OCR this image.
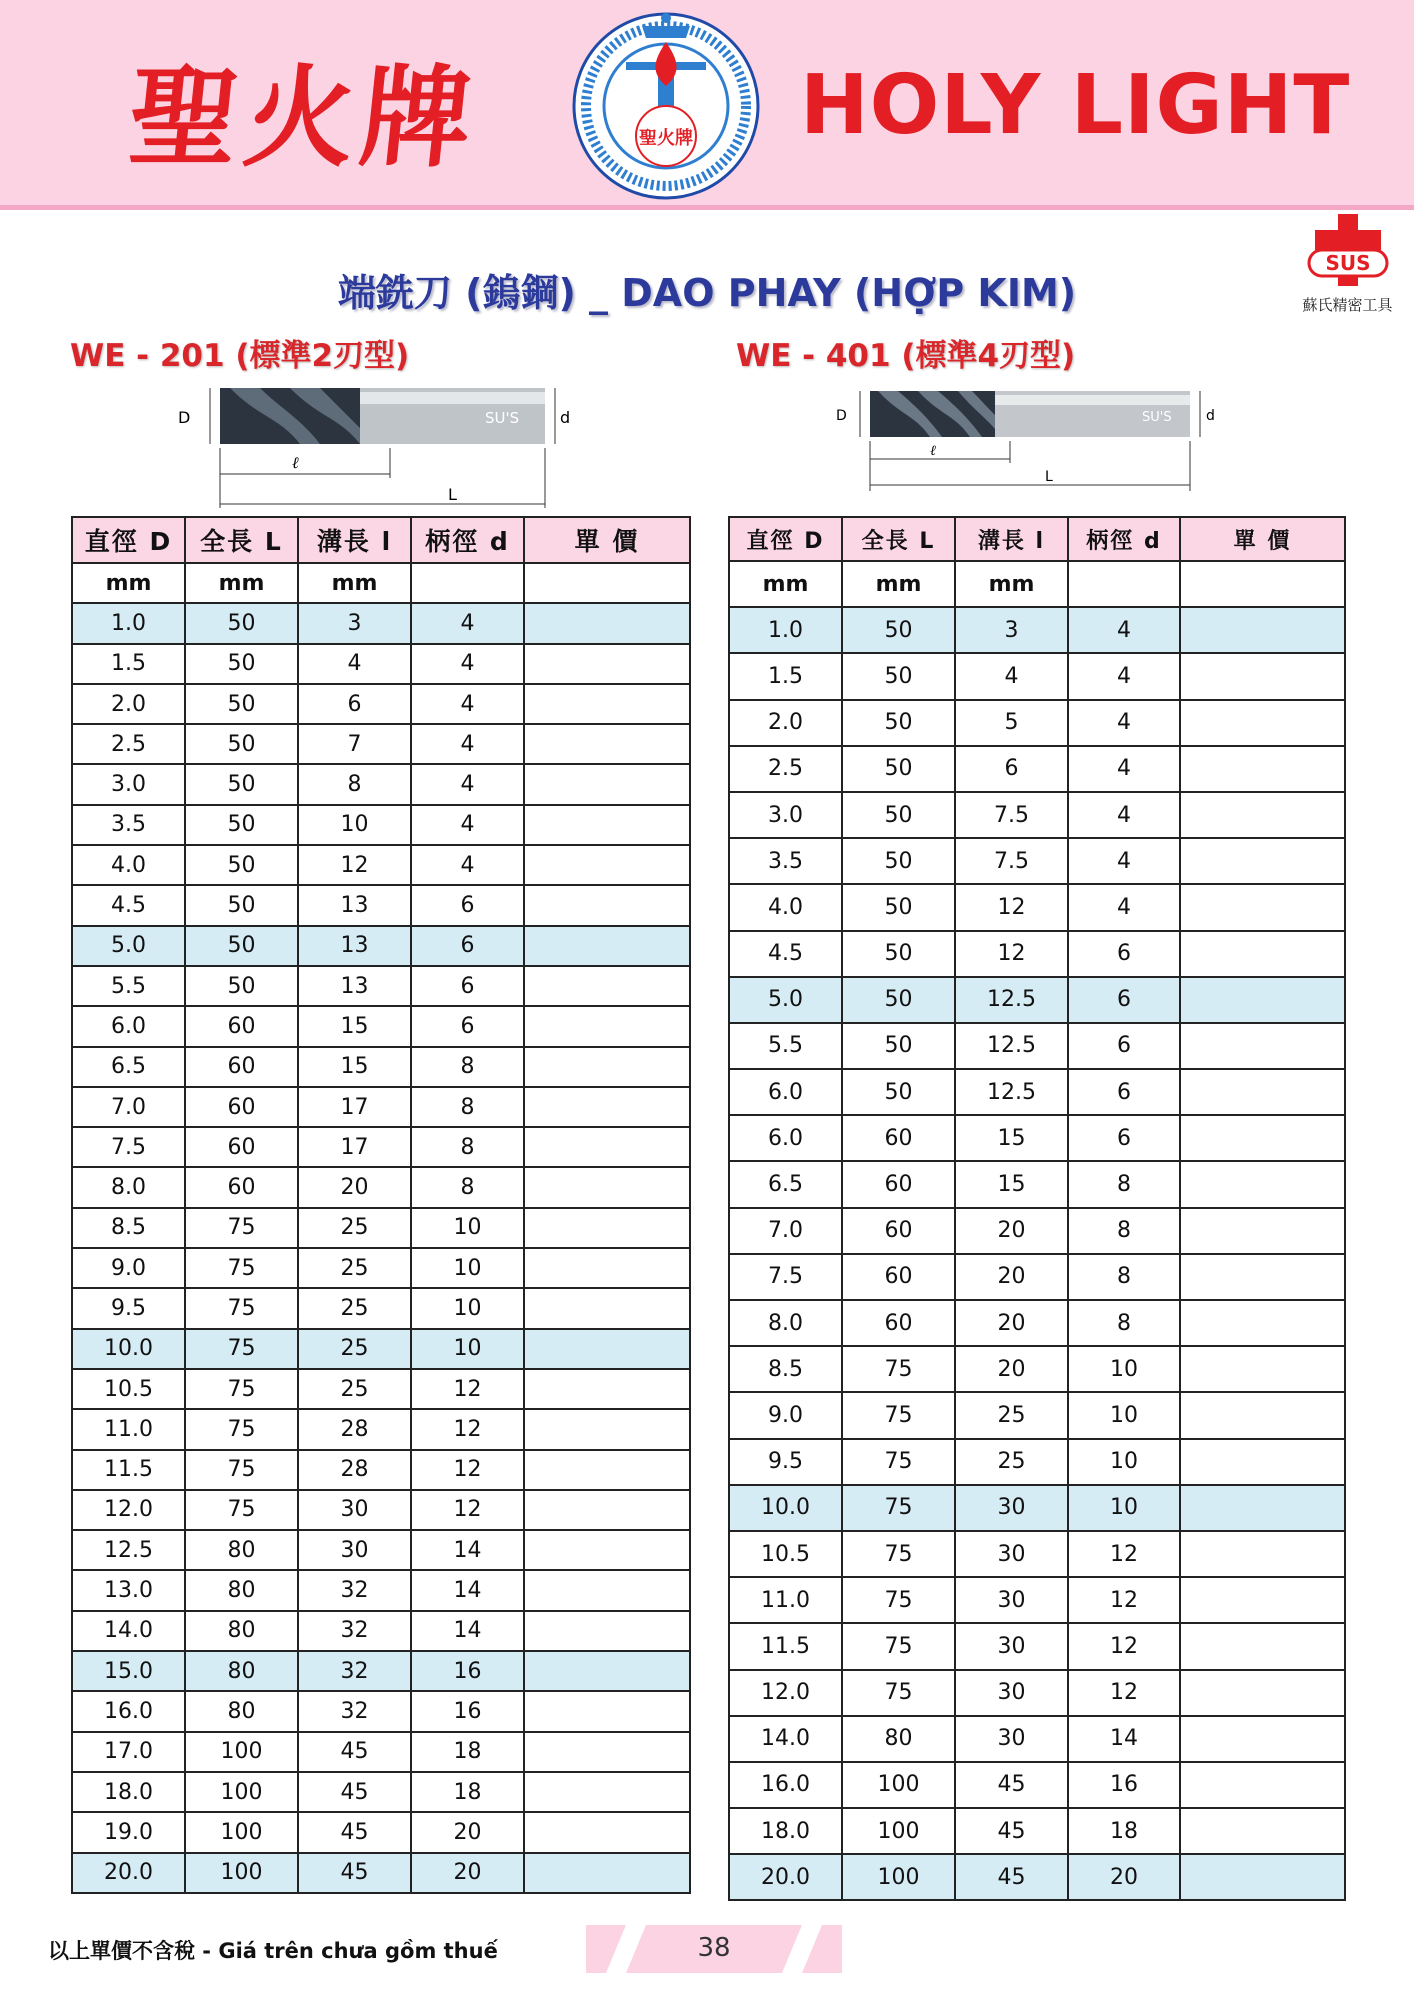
聖火牌	聖火牌 HOLY LIGHT
SUS
蘇氏精密工具
端銑刀 (鎢鋼) _ DAO PHAY (HỢP KIM)
WE - 201 (標準2刃型)	WE - 401 (標準4刃型)
SU'S
D	d
ℓ
L
SU'S
D	d
ℓ
L
直徑 D	全長 L	溝長 l	柄徑 d	單 價
mm	mm	mm		
1.0	50	3	4	
1.5	50	4	4	
2.0	50	6	4	
2.5	50	7	4	
3.0	50	8	4	
3.5	50	10	4	
4.0	50	12	4	
4.5	50	13	6	
5.0	50	13	6	
5.5	50	13	6	
6.0	60	15	6	
6.5	60	15	8	
7.0	60	17	8	
7.5	60	17	8	
8.0	60	20	8	
8.5	75	25	10	
9.0	75	25	10	
9.5	75	25	10	
10.0	75	25	10	
10.5	75	25	12	
11.0	75	28	12	
11.5	75	28	12	
12.0	75	30	12	
12.5	80	30	14	
13.0	80	32	14	
14.0	80	32	14	
15.0	80	32	16	
16.0	80	32	16	
17.0	100	45	18	
18.0	100	45	18	
19.0	100	45	20	
20.0	100	45	20	
直徑 D	全長 L	溝長 l	柄徑 d	單 價
mm	mm	mm		
1.0	50	3	4	
1.5	50	4	4	
2.0	50	5	4	
2.5	50	6	4	
3.0	50	7.5	4	
3.5	50	7.5	4	
4.0	50	12	4	
4.5	50	12	6	
5.0	50	12.5	6	
5.5	50	12.5	6	
6.0	50	12.5	6	
6.0	60	15	6	
6.5	60	15	8	
7.0	60	20	8	
7.5	60	20	8	
8.0	60	20	8	
8.5	75	20	10	
9.0	75	25	10	
9.5	75	25	10	
10.0	75	30	10	
10.5	75	30	12	
11.0	75	30	12	
11.5	75	30	12	
12.0	75	30	12	
14.0	80	30	14	
16.0	100	45	16	
18.0	100	45	18	
20.0	100	45	20	
以上單價不含稅 - Giá trên chưa gồm thuế	38
